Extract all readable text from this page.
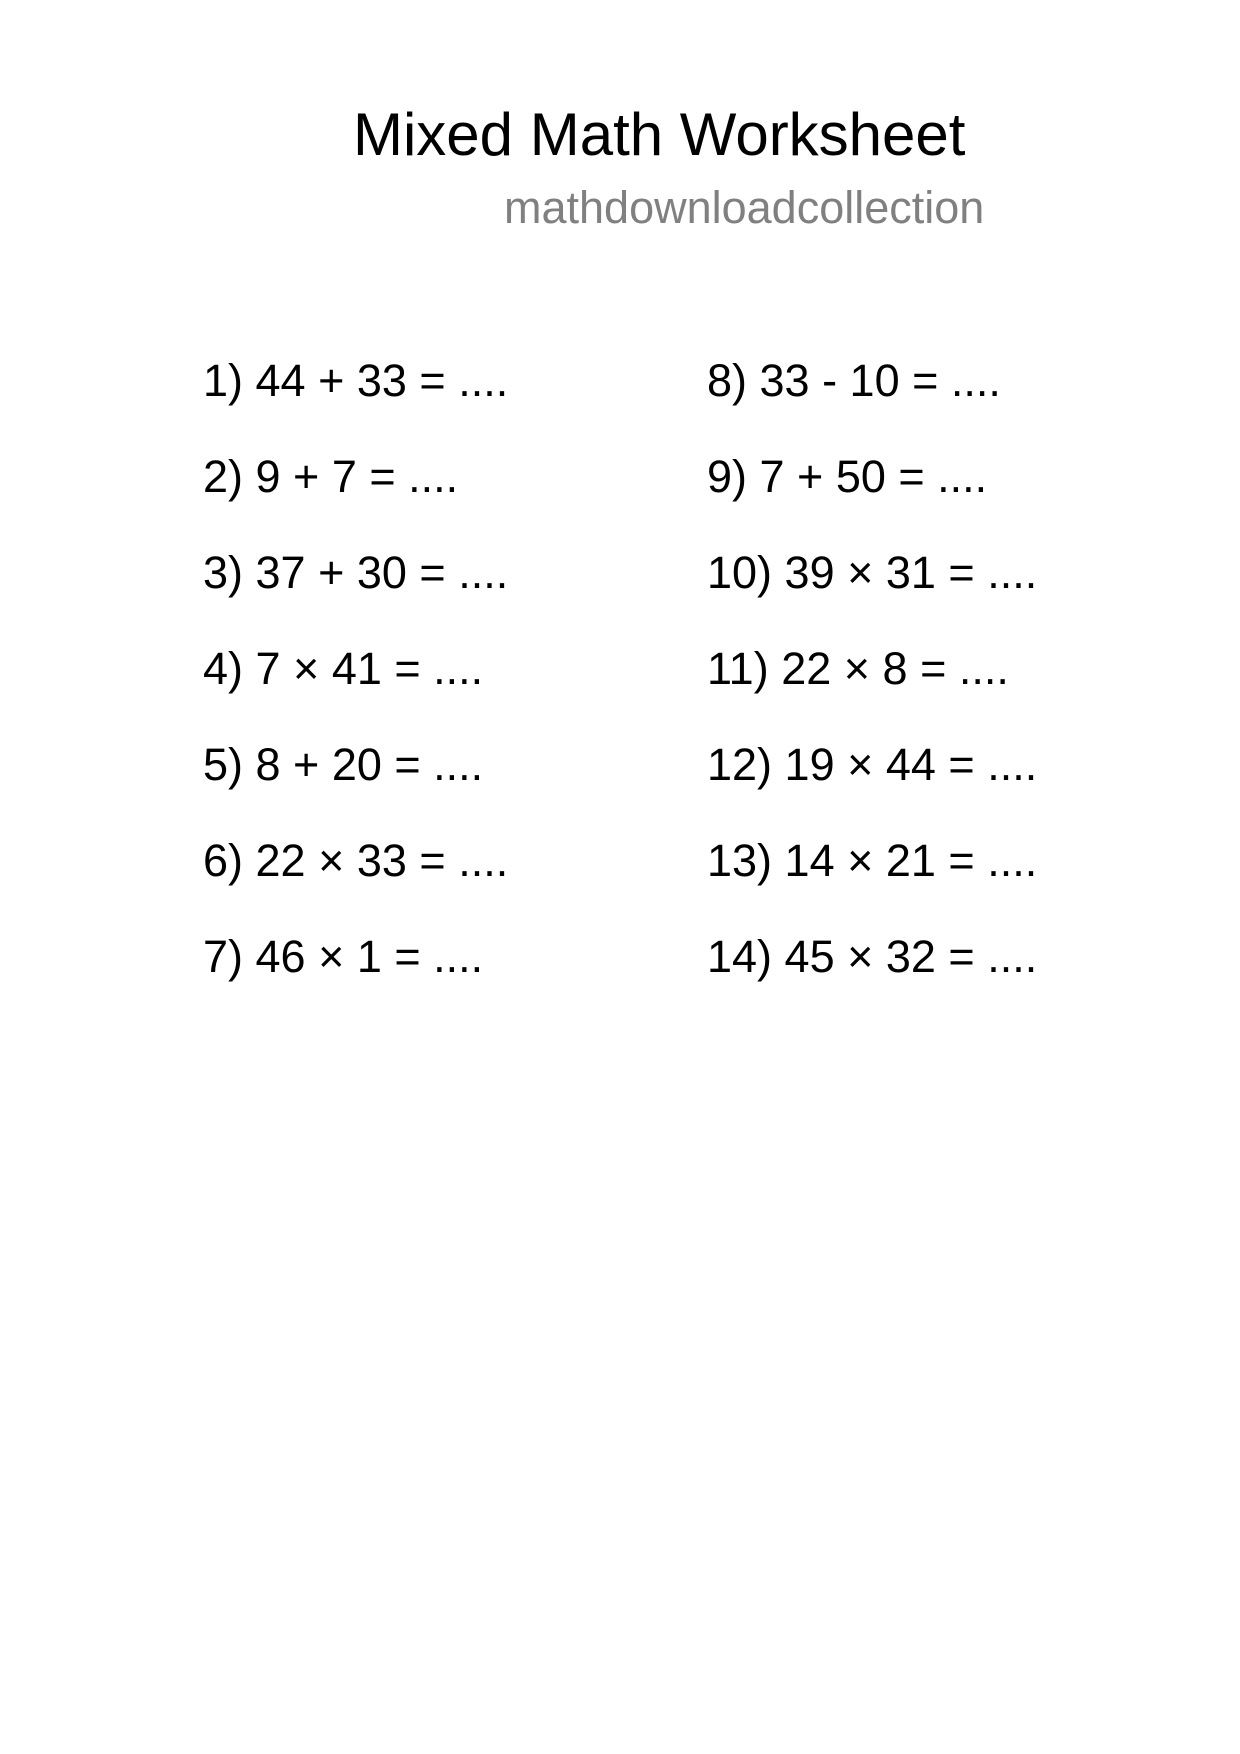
Mixed Math Worksheet
mathdownloadcollection
1) 44 + 33 = ....
2) 9 + 7 = ....
3) 37 + 30 = ....
4) 7 × 41 = ....
5) 8 + 20 = ....
6) 22 × 33 = ....
7) 46 × 1 = ....
8) 33 - 10 = ....
9) 7 + 50 = ....
10) 39 × 31 = ....
11) 22 × 8 = ....
12) 19 × 44 = ....
13) 14 × 21 = ....
14) 45 × 32 = ....
